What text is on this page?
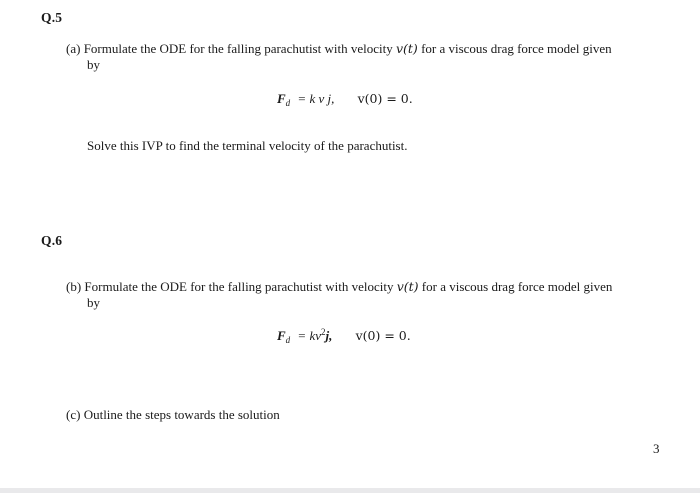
Q.5
(a) Formulate the ODE for the falling parachutist with velocity v(t) for a viscous drag force model given
by
$F_d = k$ v j, v(0) = 0.
Solve this IVP to find the terminal velocity of the parachutist.
Q.6
(b) Formulate the ODE for the falling parachutist with velocity v(t) for a viscous drag force model given
by
$F_d = kv^2j$, v(0) = 0.
(c) Outline the steps towards the solution
3
